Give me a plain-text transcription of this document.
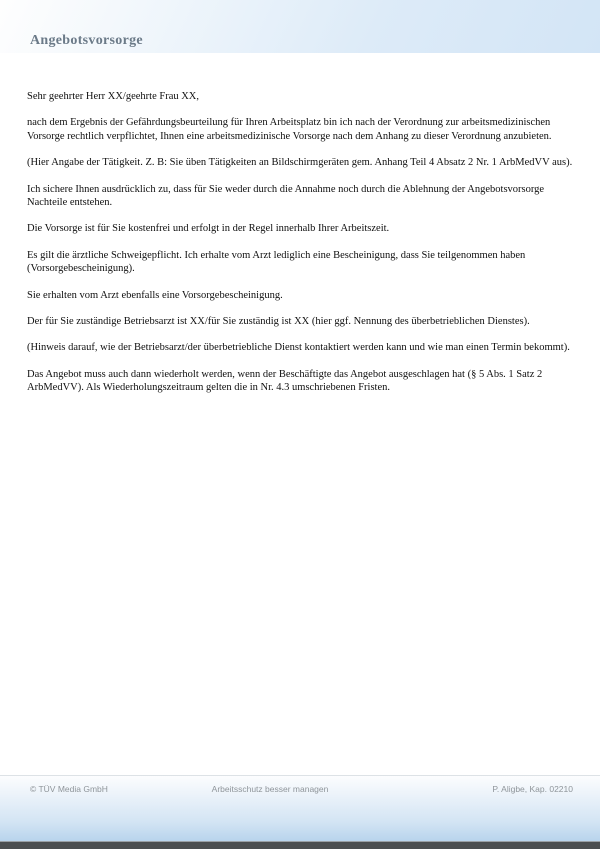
Angebotsvorsorge

Sehr geehrter Herr XX/geehrte Frau XX,

nach dem Ergebnis der Gefährdungsbeurteilung für Ihren Arbeitsplatz bin ich nach der Verordnung zur arbeitsmedizinischen Vorsorge rechtlich verpflichtet, Ihnen eine arbeitsmedizinische Vorsorge nach dem Anhang zu dieser Verordnung anzubieten.

(Hier Angabe der Tätigkeit. Z. B: Sie üben Tätigkeiten an Bildschirmgeräten gem. Anhang Teil 4 Absatz 2 Nr. 1 ArbMedVV aus).

Ich sichere Ihnen ausdrücklich zu, dass für Sie weder durch die Annahme noch durch die Ablehnung der Angebotsvorsorge Nachteile entstehen.

Die Vorsorge ist für Sie kostenfrei und erfolgt in der Regel innerhalb Ihrer Arbeitszeit.

Es gilt die ärztliche Schweigepflicht. Ich erhalte vom Arzt lediglich eine Bescheinigung, dass Sie teilgenommen haben (Vorsorgebescheinigung).

Sie erhalten vom Arzt ebenfalls eine Vorsorgebescheinigung.

Der für Sie zuständige Betriebsarzt ist XX/für Sie zuständig ist XX (hier ggf. Nennung des überbetrieblichen Dienstes).

(Hinweis darauf, wie der Betriebsarzt/der überbetriebliche Dienst kontaktiert werden kann und wie man einen Termin bekommt).

Das Angebot muss auch dann wiederholt werden, wenn der Beschäftigte das Angebot ausgeschlagen hat (§ 5 Abs. 1 Satz 2 ArbMedVV). Als Wiederholungszeitraum gelten die in Nr. 4.3 umschriebenen Fristen.

© TÜV Media GmbH	Arbeitsschutz besser managen	P. Aligbe, Kap. 02210
